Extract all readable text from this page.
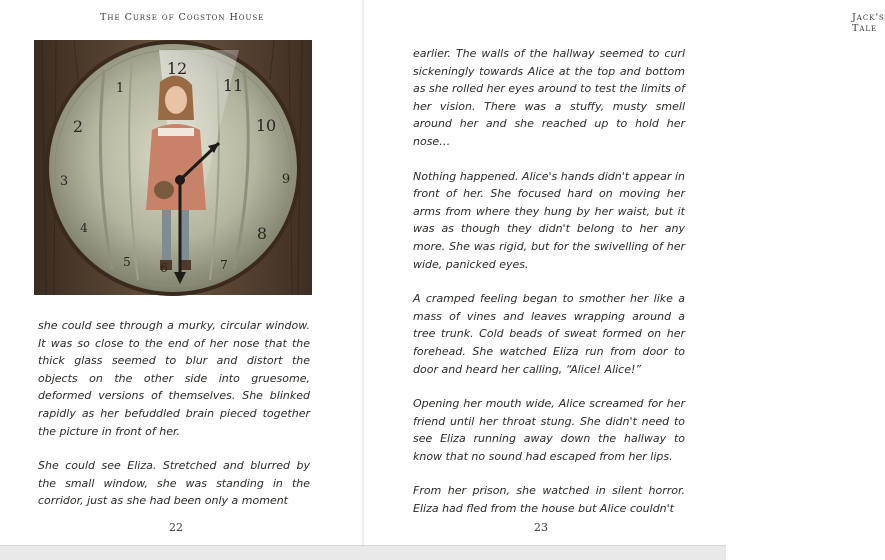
The Curse of Cogston House
12
11
10
9
8
7
6
5
4
3
2
1

she could see through a murky, circular window. It was so close to the end of her nose that the thick glass seemed to blur and distort the objects on the other side into gruesome, deformed versions of themselves. She blinked rapidly as her befuddled brain pieced together the picture in front of her.

She could see Eliza. Stretched and blurred by the small window, she was standing in the corridor, just as she had been only a moment

22
Jack's Tale

earlier. The walls of the hallway seemed to curl sickeningly towards Alice at the top and bottom as she rolled her eyes around to test the limits of her vision. There was a stuffy, musty smell around her and she reached up to hold her nose…

Nothing happened. Alice's hands didn't appear in front of her. She focused hard on moving her arms from where they hung by her waist, but it was as though they didn't belong to her any more. She was rigid, but for the swivelling of her wide, panicked eyes.

A cramped feeling began to smother her like a mass of vines and leaves wrapping around a tree trunk. Cold beads of sweat formed on her forehead. She watched Eliza run from door to door and heard her calling, “Alice! Alice!”

Opening her mouth wide, Alice screamed for her friend until her throat stung. She didn't need to see Eliza running away down the hallway to know that no sound had escaped from her lips.

From her prison, she watched in silent horror. Eliza had fled from the house but Alice couldn't

23
